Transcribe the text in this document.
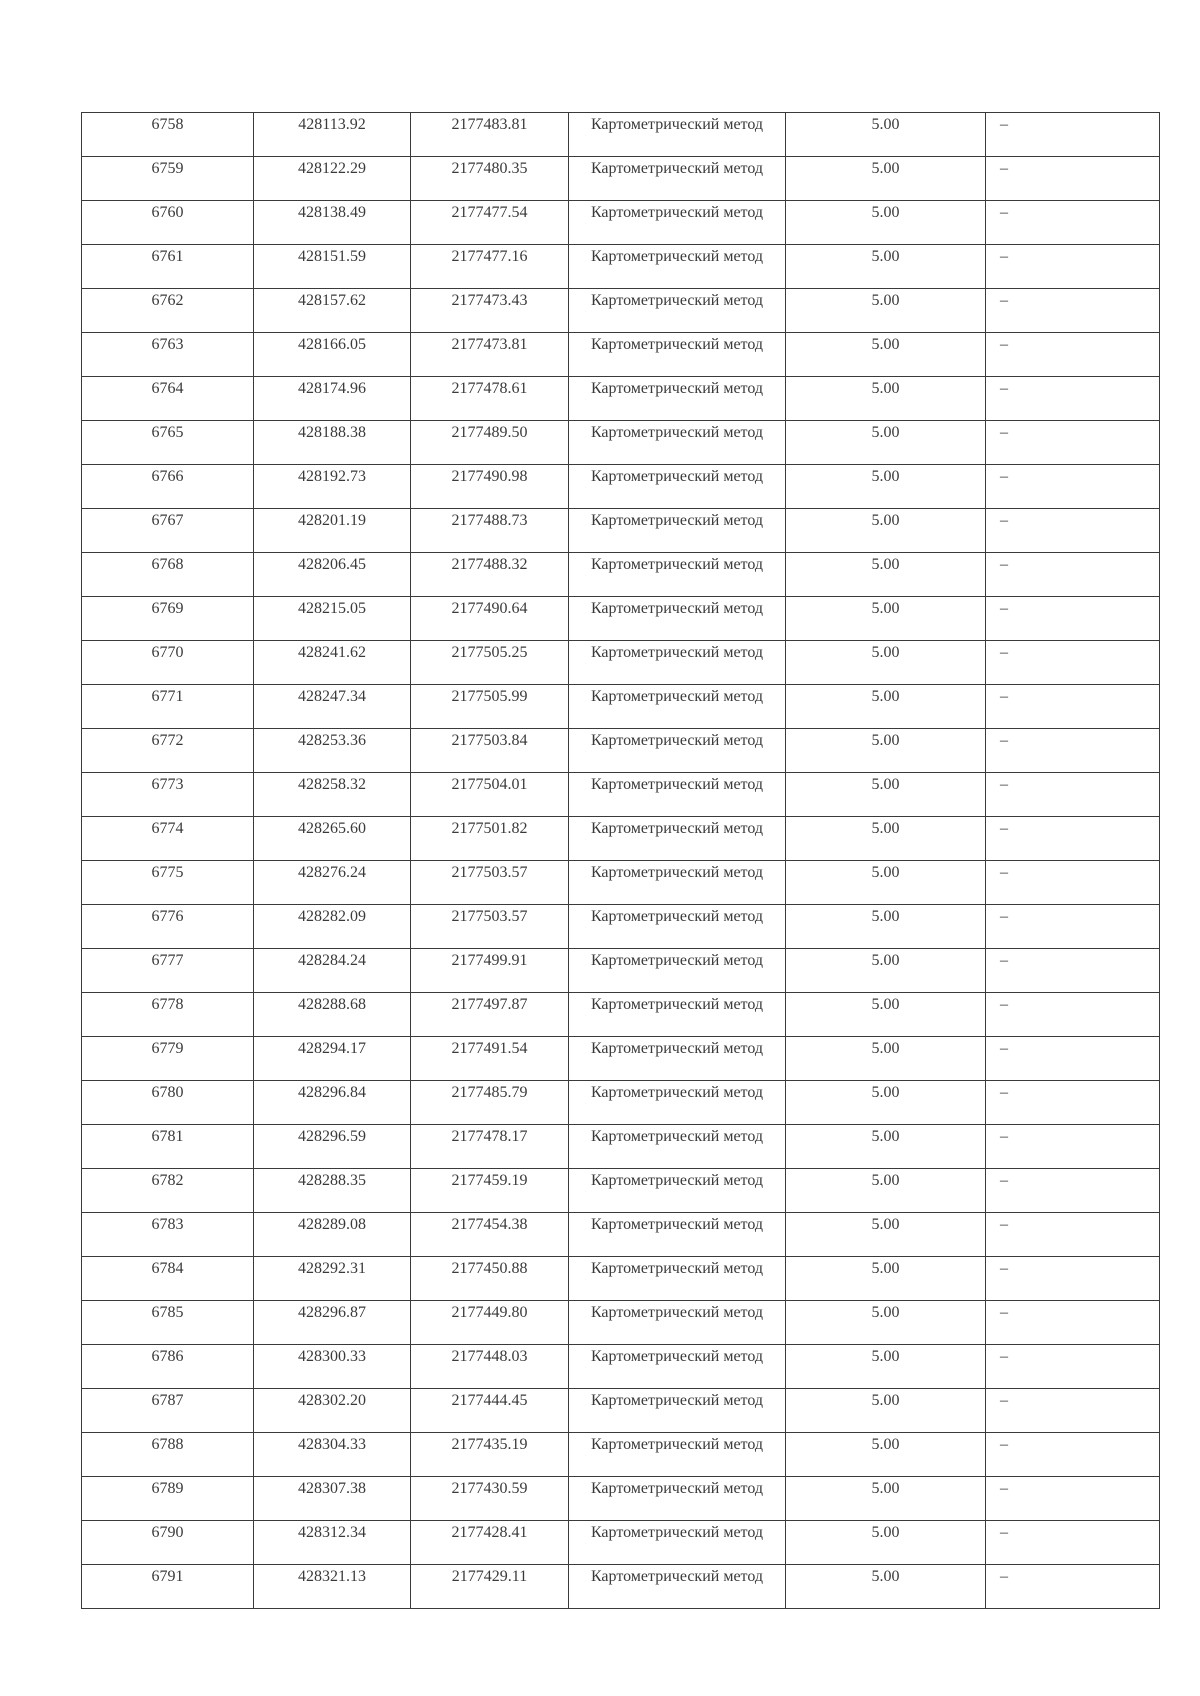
6758	428113.92	2177483.81	Картометрический метод	5.00	–
6759	428122.29	2177480.35	Картометрический метод	5.00	–
6760	428138.49	2177477.54	Картометрический метод	5.00	–
6761	428151.59	2177477.16	Картометрический метод	5.00	–
6762	428157.62	2177473.43	Картометрический метод	5.00	–
6763	428166.05	2177473.81	Картометрический метод	5.00	–
6764	428174.96	2177478.61	Картометрический метод	5.00	–
6765	428188.38	2177489.50	Картометрический метод	5.00	–
6766	428192.73	2177490.98	Картометрический метод	5.00	–
6767	428201.19	2177488.73	Картометрический метод	5.00	–
6768	428206.45	2177488.32	Картометрический метод	5.00	–
6769	428215.05	2177490.64	Картометрический метод	5.00	–
6770	428241.62	2177505.25	Картометрический метод	5.00	–
6771	428247.34	2177505.99	Картометрический метод	5.00	–
6772	428253.36	2177503.84	Картометрический метод	5.00	–
6773	428258.32	2177504.01	Картометрический метод	5.00	–
6774	428265.60	2177501.82	Картометрический метод	5.00	–
6775	428276.24	2177503.57	Картометрический метод	5.00	–
6776	428282.09	2177503.57	Картометрический метод	5.00	–
6777	428284.24	2177499.91	Картометрический метод	5.00	–
6778	428288.68	2177497.87	Картометрический метод	5.00	–
6779	428294.17	2177491.54	Картометрический метод	5.00	–
6780	428296.84	2177485.79	Картометрический метод	5.00	–
6781	428296.59	2177478.17	Картометрический метод	5.00	–
6782	428288.35	2177459.19	Картометрический метод	5.00	–
6783	428289.08	2177454.38	Картометрический метод	5.00	–
6784	428292.31	2177450.88	Картометрический метод	5.00	–
6785	428296.87	2177449.80	Картометрический метод	5.00	–
6786	428300.33	2177448.03	Картометрический метод	5.00	–
6787	428302.20	2177444.45	Картометрический метод	5.00	–
6788	428304.33	2177435.19	Картометрический метод	5.00	–
6789	428307.38	2177430.59	Картометрический метод	5.00	–
6790	428312.34	2177428.41	Картометрический метод	5.00	–
6791	428321.13	2177429.11	Картометрический метод	5.00	–
